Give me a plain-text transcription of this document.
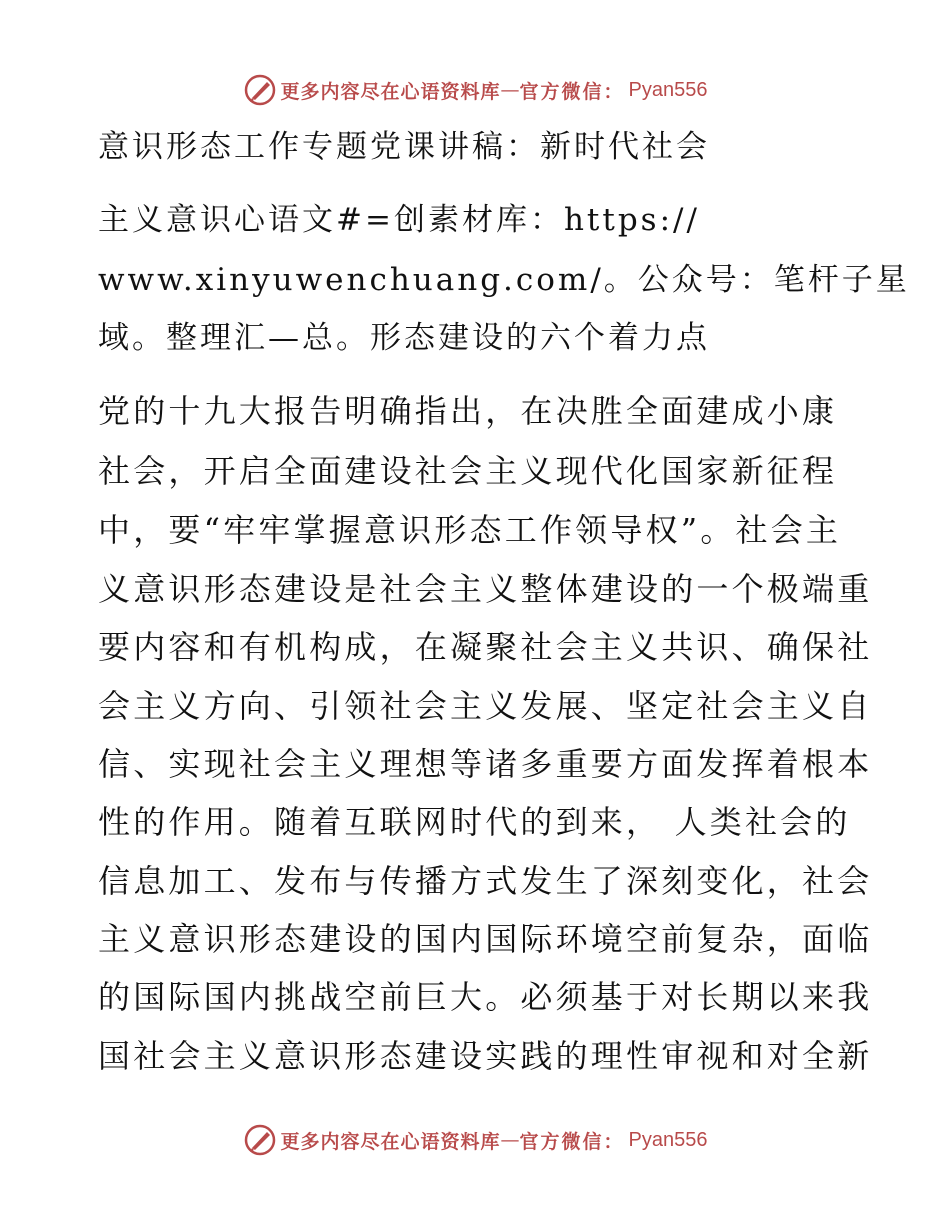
更多内容尽在心语资料库 — 官方微信： Pyan556
意识形态工作专题党课讲稿：新时代社会
主义意识心语文#=创素材库：https://
www.xinyuwenchuang.com/。公众号：笔杆子星
域。整理汇—总。形态建设的六个着力点
党的十九大报告明确指出，在决胜全面建成小康
社会，开启全面建设社会主义现代化国家新征程
中，要“牢牢掌握意识形态工作领导权”。社会主
义意识形态建设是社会主义整体建设的一个极端重
要内容和有机构成，在凝聚社会主义共识、确保社
会主义方向、引领社会主义发展、坚定社会主义自
信、实现社会主义理想等诸多重要方面发挥着根本
性的作用。随着互联网时代的到来， 人类社会的
信息加工、发布与传播方式发生了深刻变化，社会
主义意识形态建设的国内国际环境空前复杂，面临
的国际国内挑战空前巨大。必须基于对长期以来我
国社会主义意识形态建设实践的理性审视和对全新
更多内容尽在心语资料库 — 官方微信： Pyan556
